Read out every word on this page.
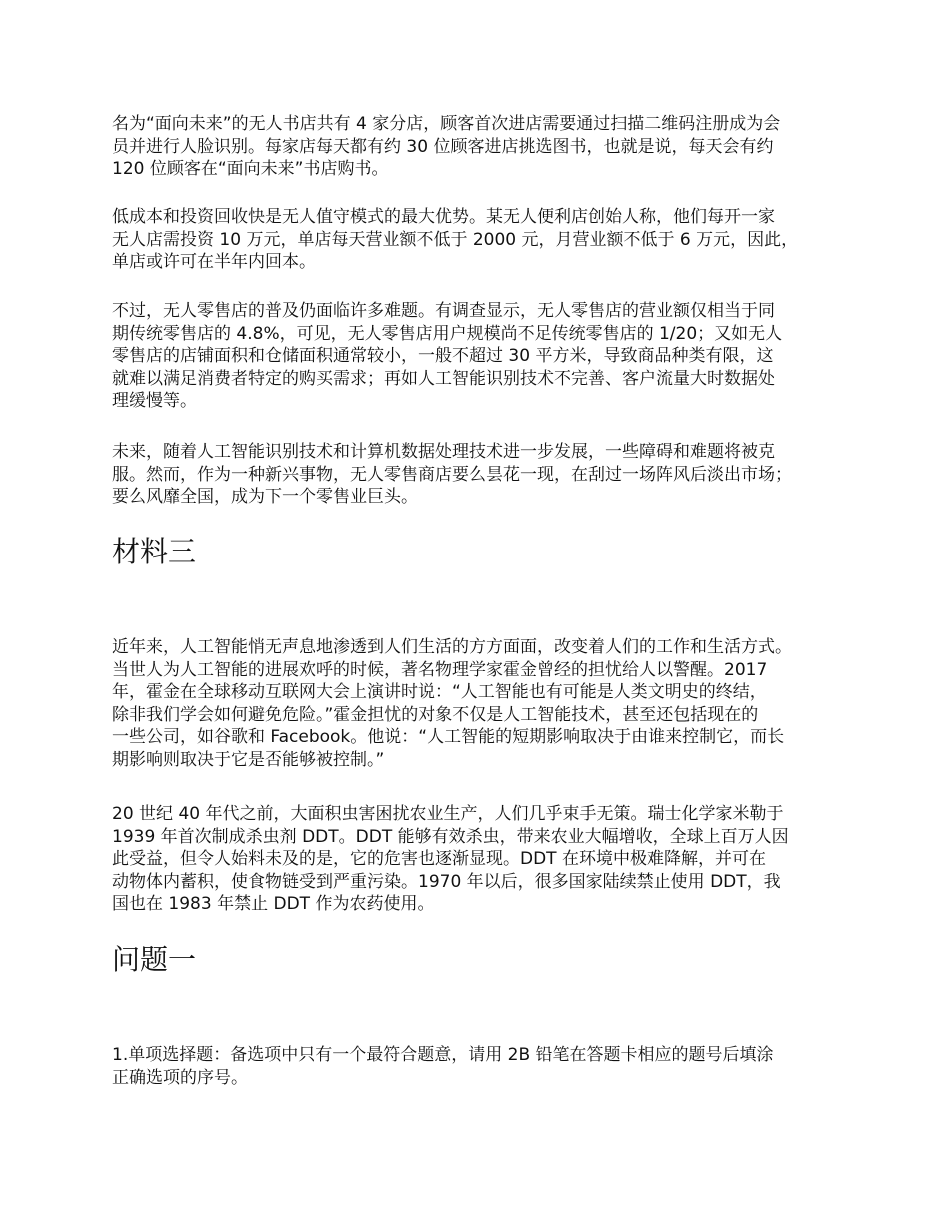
名为“面向未来”的无人书店共有 4 家分店，顾客首次进店需要通过扫描二维码注册成为会
员并进行人脸识别。每家店每天都有约 30 位顾客进店挑选图书，也就是说，每天会有约
120 位顾客在“面向未来”书店购书。
低成本和投资回收快是无人值守模式的最大优势。某无人便利店创始人称，他们每开一家
无人店需投资 10 万元，单店每天营业额不低于 2000 元，月营业额不低于 6 万元，因此，
单店或许可在半年内回本。
不过，无人零售店的普及仍面临许多难题。有调查显示，无人零售店的营业额仅相当于同
期传统零售店的 4.8%，可见，无人零售店用户规模尚不足传统零售店的 1/20；又如无人
零售店的店铺面积和仓储面积通常较小，一般不超过 30 平方米，导致商品种类有限，这
就难以满足消费者特定的购买需求；再如人工智能识别技术不完善、客户流量大时数据处
理缓慢等。
未来，随着人工智能识别技术和计算机数据处理技术进一步发展，一些障碍和难题将被克
服。然而，作为一种新兴事物，无人零售商店要么昙花一现，在刮过一场阵风后淡出市场；
要么风靡全国，成为下一个零售业巨头。
材料三
近年来，人工智能悄无声息地渗透到人们生活的方方面面，改变着人们的工作和生活方式。
当世人为人工智能的进展欢呼的时候，著名物理学家霍金曾经的担忧给人以警醒。2017
年，霍金在全球移动互联网大会上演讲时说：“人工智能也有可能是人类文明史的终结，
除非我们学会如何避免危险。”霍金担忧的对象不仅是人工智能技术，甚至还包括现在的
一些公司，如谷歌和 Facebook。他说：“人工智能的短期影响取决于由谁来控制它，而长
期影响则取决于它是否能够被控制。”
20 世纪 40 年代之前，大面积虫害困扰农业生产，人们几乎束手无策。瑞士化学家米勒于
1939 年首次制成杀虫剂 DDT。DDT 能够有效杀虫，带来农业大幅增收，全球上百万人因
此受益，但令人始料未及的是，它的危害也逐渐显现。DDT 在环境中极难降解，并可在
动物体内蓄积，使食物链受到严重污染。1970 年以后，很多国家陆续禁止使用 DDT，我
国也在 1983 年禁止 DDT 作为农药使用。
问题一
1.单项选择题：备选项中只有一个最符合题意，请用 2B 铅笔在答题卡相应的题号后填涂
正确选项的序号。
